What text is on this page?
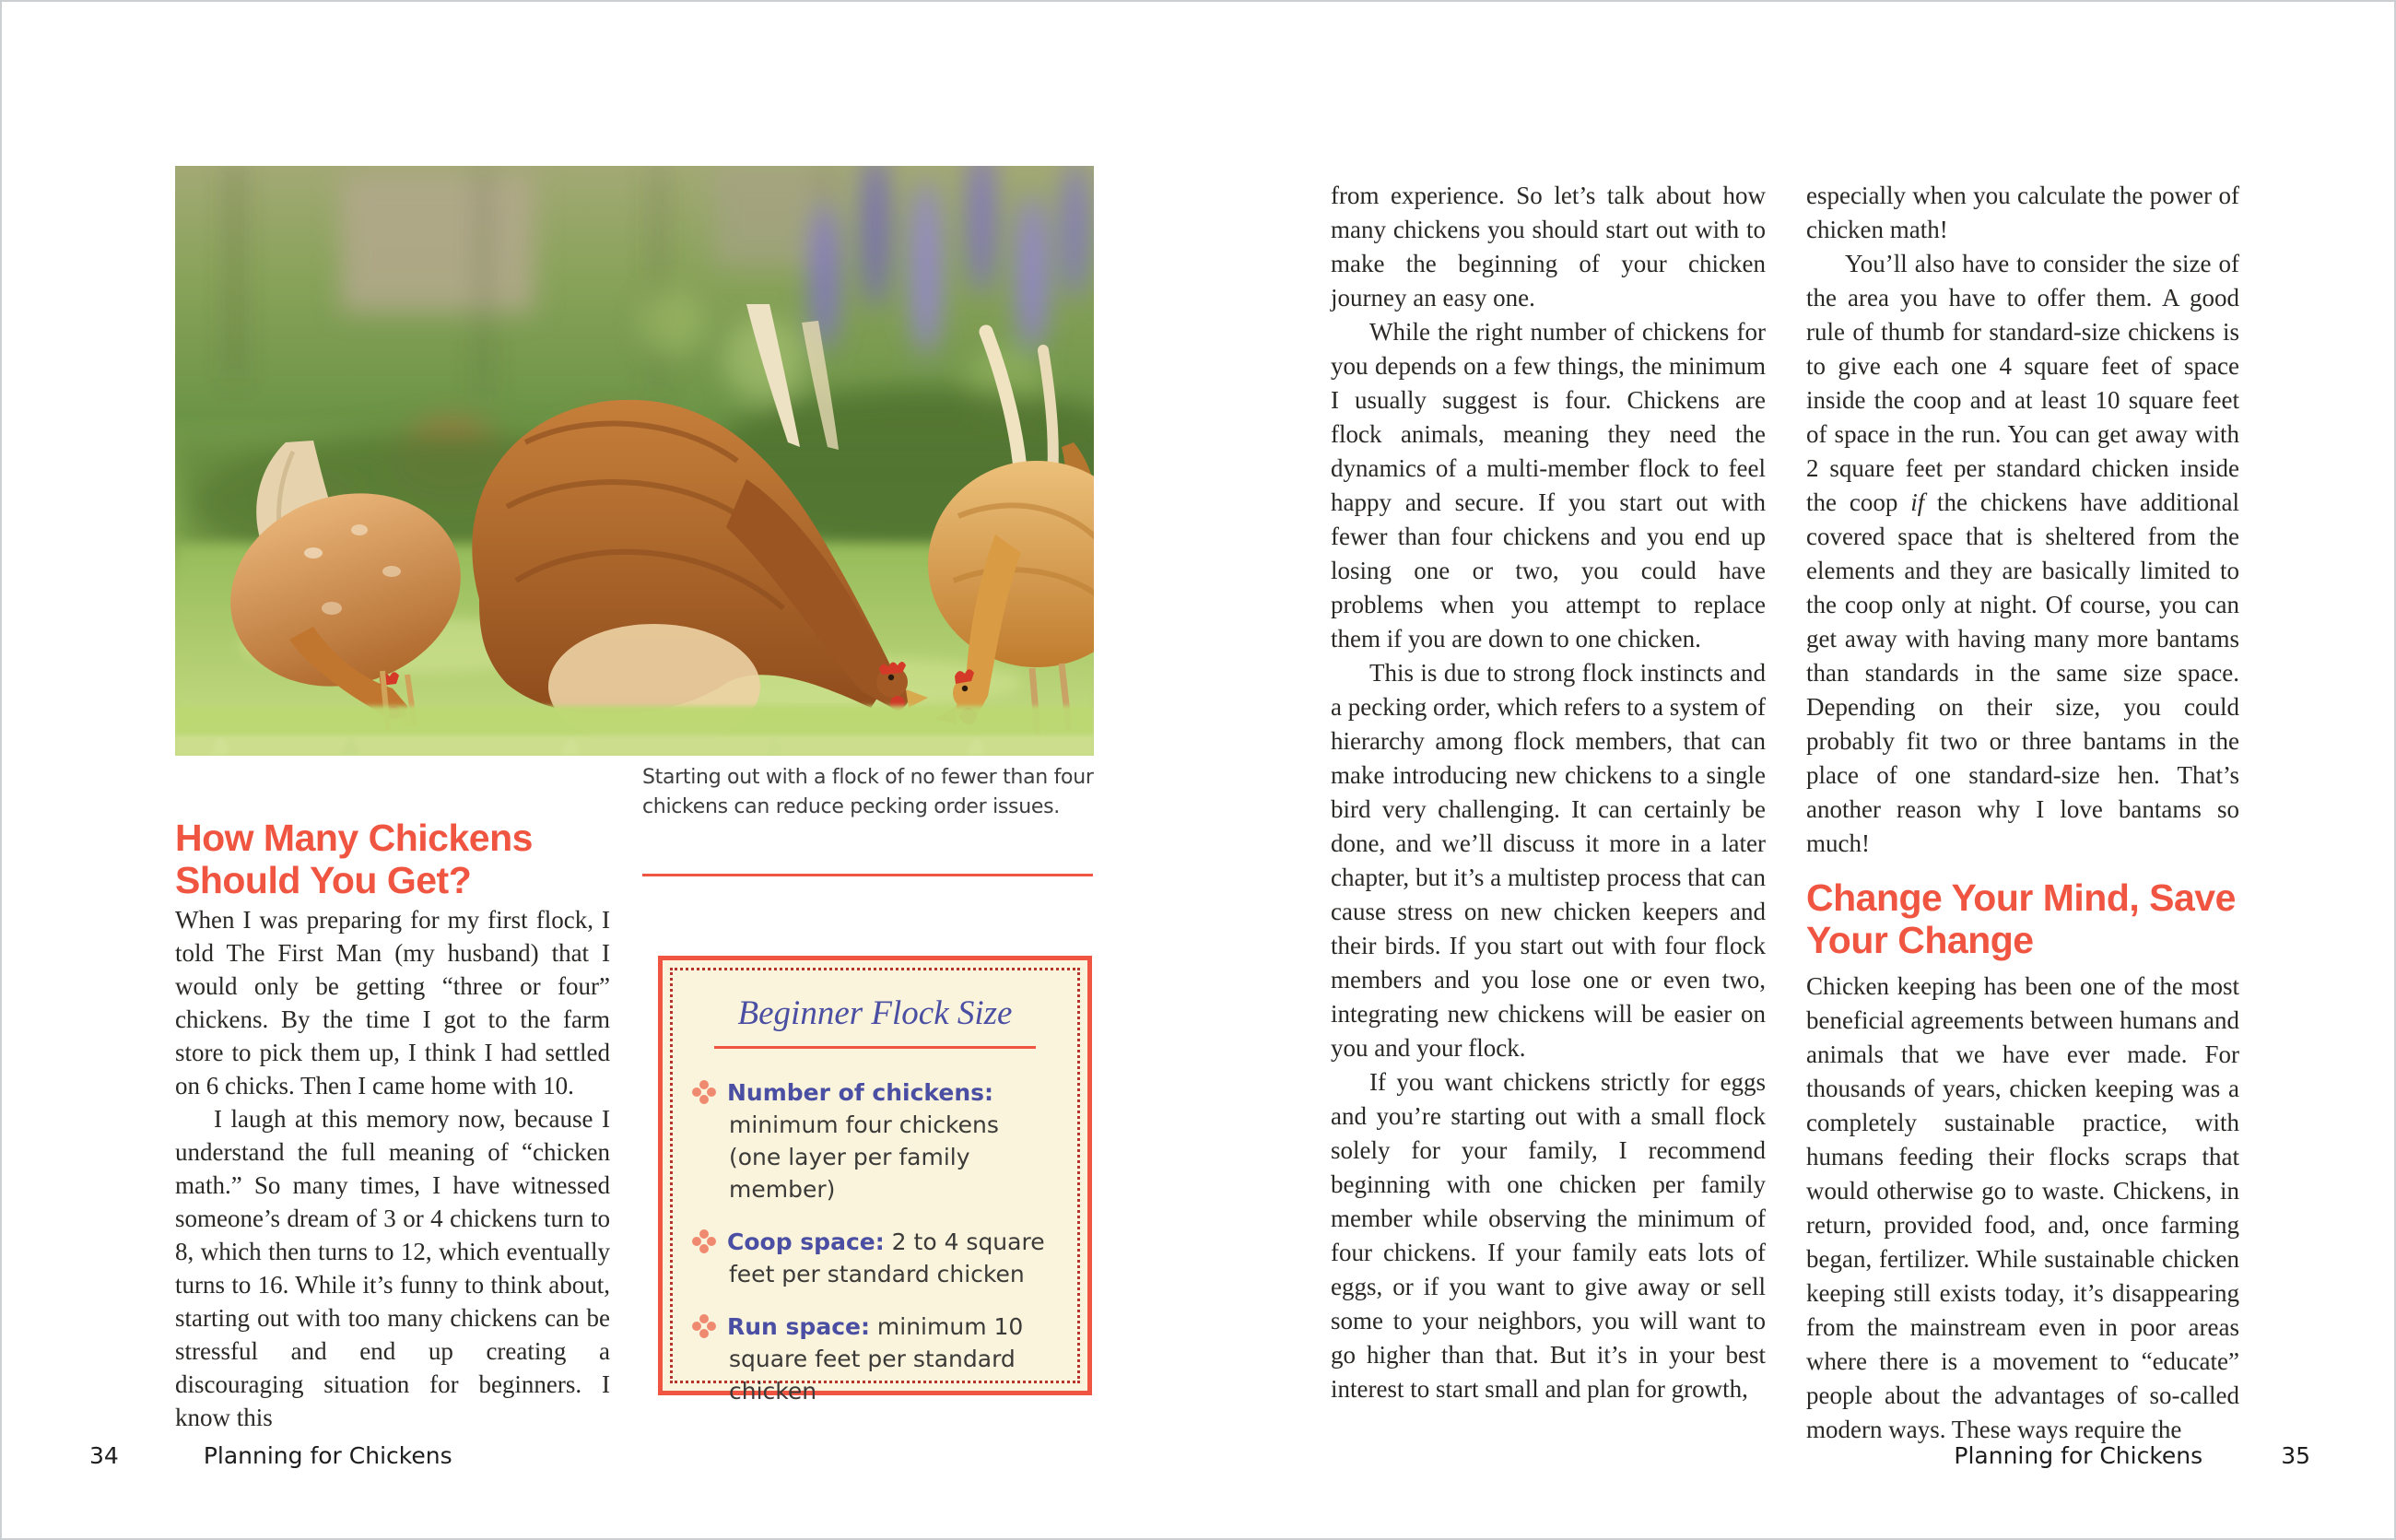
Starting out with a flock of no fewer than four chickens can reduce pecking order issues.
How Many Chickens Should You Get?

When I was preparing for my first flock, I told The First Man (my husband) that I would only be getting “three or four” chickens. By the time I got to the farm store to pick them up, I think I had settled on 6 chicks. Then I came home with 10.

I laugh at this memory now, because I understand the full meaning of “chicken math.” So many times, I have witnessed someone’s dream of 3 or 4 chickens turn to 8, which then turns to 12, which eventually turns to 16. While it’s funny to think about, starting out with too many chickens can be stressful and end up creating a discouraging situation for beginners. I know this

Beginner Flock Size

Number of chickens: minimum four chickens (one layer per family member)

Coop space: 2 to 4 square feet per standard chicken

Run space: minimum 10 square feet per standard chicken

from experience. So let’s talk about how many chickens you should start out with to make the beginning of your chicken journey an easy one.

While the right number of chickens for you depends on a few things, the minimum I usually suggest is four. Chickens are flock animals, meaning they need the dynamics of a multi-member flock to feel happy and secure. If you start out with fewer than four chickens and you end up losing one or two, you could have problems when you attempt to replace them if you are down to one chicken.

This is due to strong flock instincts and a pecking order, which refers to a system of hierarchy among flock members, that can make introducing new chickens to a single bird very challenging. It can certainly be done, and we’ll discuss it more in a later chapter, but it’s a multistep process that can cause stress on new chicken keepers and their birds. If you start out with four flock members and you lose one or even two, integrating new chickens will be easier on you and your flock.

If you want chickens strictly for eggs and you’re starting out with a small flock solely for your family, I recommend beginning with one chicken per family member while observing the minimum of four chickens. If your family eats lots of eggs, or if you want to give away or sell some to your neighbors, you will want to go higher than that. But it’s in your best interest to start small and plan for growth,

especially when you calculate the power of chicken math!

You’ll also have to consider the size of the area you have to offer them. A good rule of thumb for standard-size chickens is to give each one 4 square feet of space inside the coop and at least 10 square feet of space in the run. You can get away with 2 square feet per standard chicken inside the coop if the chickens have additional covered space that is sheltered from the elements and they are basically limited to the coop only at night. Of course, you can get away with having many more bantams than standards in the same size space. Depending on their size, you could probably fit two or three bantams in the place of one standard-size hen. That’s another reason why I love bantams so much!

Change Your Mind, Save Your Change

Chicken keeping has been one of the most beneficial agreements between humans and animals that we have ever made. For thousands of years, chicken keeping was a completely sustainable practice, with humans feeding their flocks scraps that would otherwise go to waste. Chickens, in return, provided food, and, once farming began, fertilizer. While sustainable chicken keeping still exists today, it’s disappearing from the mainstream even in poor areas where there is a movement to “educate” people about the advantages of so-called modern ways. These ways require the

34	Planning for Chickens	Planning for Chickens	35
